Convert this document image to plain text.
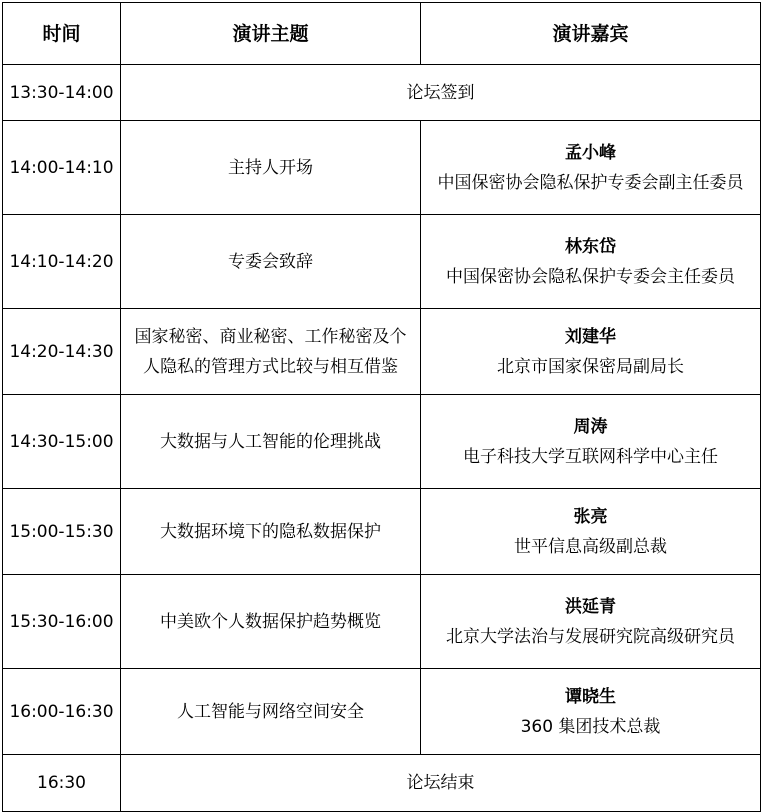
时间	演讲主题	演讲嘉宾
13:30-14:00	论坛签到	
14:00-14:10	主持人开场	孟小峰
中国保密协会隐私保护专委会副主任委员

14:10-14:20	专委会致辞	林东岱
中国保密协会隐私保护专委会主任委员

14:20-14:30	国家秘密、商业秘密、工作秘密及个人隐私的管理方式比较与相互借鉴	刘建华
北京市国家保密局副局长

14:30-15:00	大数据与人工智能的伦理挑战	周涛
电子科技大学互联网科学中心主任

15:00-15:30	大数据环境下的隐私数据保护	张亮
世平信息高级副总裁

15:30-16:00	中美欧个人数据保护趋势概览	洪延青
北京大学法治与发展研究院高级研究员

16:00-16:30	人工智能与网络空间安全	谭晓生
360 集团技术总裁

16:30	论坛结束	
